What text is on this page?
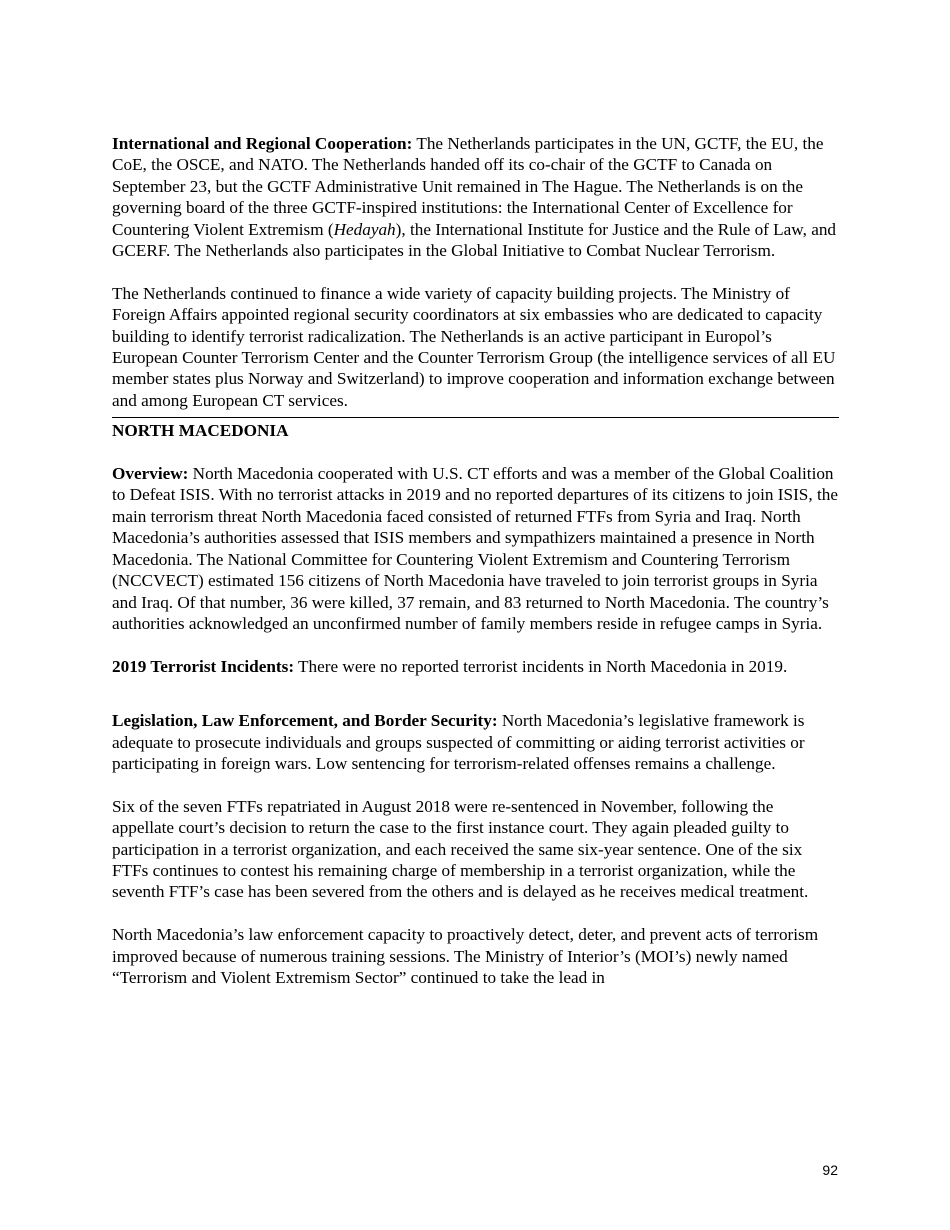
International and Regional Cooperation: The Netherlands participates in the UN, GCTF, the EU, the CoE, the OSCE, and NATO. The Netherlands handed off its co-chair of the GCTF to Canada on September 23, but the GCTF Administrative Unit remained in The Hague. The Netherlands is on the governing board of the three GCTF-inspired institutions: the International Center of Excellence for Countering Violent Extremism (Hedayah), the International Institute for Justice and the Rule of Law, and GCERF. The Netherlands also participates in the Global Initiative to Combat Nuclear Terrorism.

The Netherlands continued to finance a wide variety of capacity building projects. The Ministry of Foreign Affairs appointed regional security coordinators at six embassies who are dedicated to capacity building to identify terrorist radicalization. The Netherlands is an active participant in Europol’s European Counter Terrorism Center and the Counter Terrorism Group (the intelligence services of all EU member states plus Norway and Switzerland) to improve cooperation and information exchange between and among European CT services.

NORTH MACEDONIA

Overview: North Macedonia cooperated with U.S. CT efforts and was a member of the Global Coalition to Defeat ISIS. With no terrorist attacks in 2019 and no reported departures of its citizens to join ISIS, the main terrorism threat North Macedonia faced consisted of returned FTFs from Syria and Iraq. North Macedonia’s authorities assessed that ISIS members and sympathizers maintained a presence in North Macedonia. The National Committee for Countering Violent Extremism and Countering Terrorism (NCCVECT) estimated 156 citizens of North Macedonia have traveled to join terrorist groups in Syria and Iraq. Of that number, 36 were killed, 37 remain, and 83 returned to North Macedonia. The country’s authorities acknowledged an unconfirmed number of family members reside in refugee camps in Syria.

2019 Terrorist Incidents: There were no reported terrorist incidents in North Macedonia in 2019.

Legislation, Law Enforcement, and Border Security: North Macedonia’s legislative framework is adequate to prosecute individuals and groups suspected of committing or aiding terrorist activities or participating in foreign wars. Low sentencing for terrorism-related offenses remains a challenge.

Six of the seven FTFs repatriated in August 2018 were re-sentenced in November, following the appellate court’s decision to return the case to the first instance court. They again pleaded guilty to participation in a terrorist organization, and each received the same six-year sentence. One of the six FTFs continues to contest his remaining charge of membership in a terrorist organization, while the seventh FTF’s case has been severed from the others and is delayed as he receives medical treatment.

North Macedonia’s law enforcement capacity to proactively detect, deter, and prevent acts of terrorism improved because of numerous training sessions. The Ministry of Interior’s (MOI’s) newly named “Terrorism and Violent Extremism Sector” continued to take the lead in

92
